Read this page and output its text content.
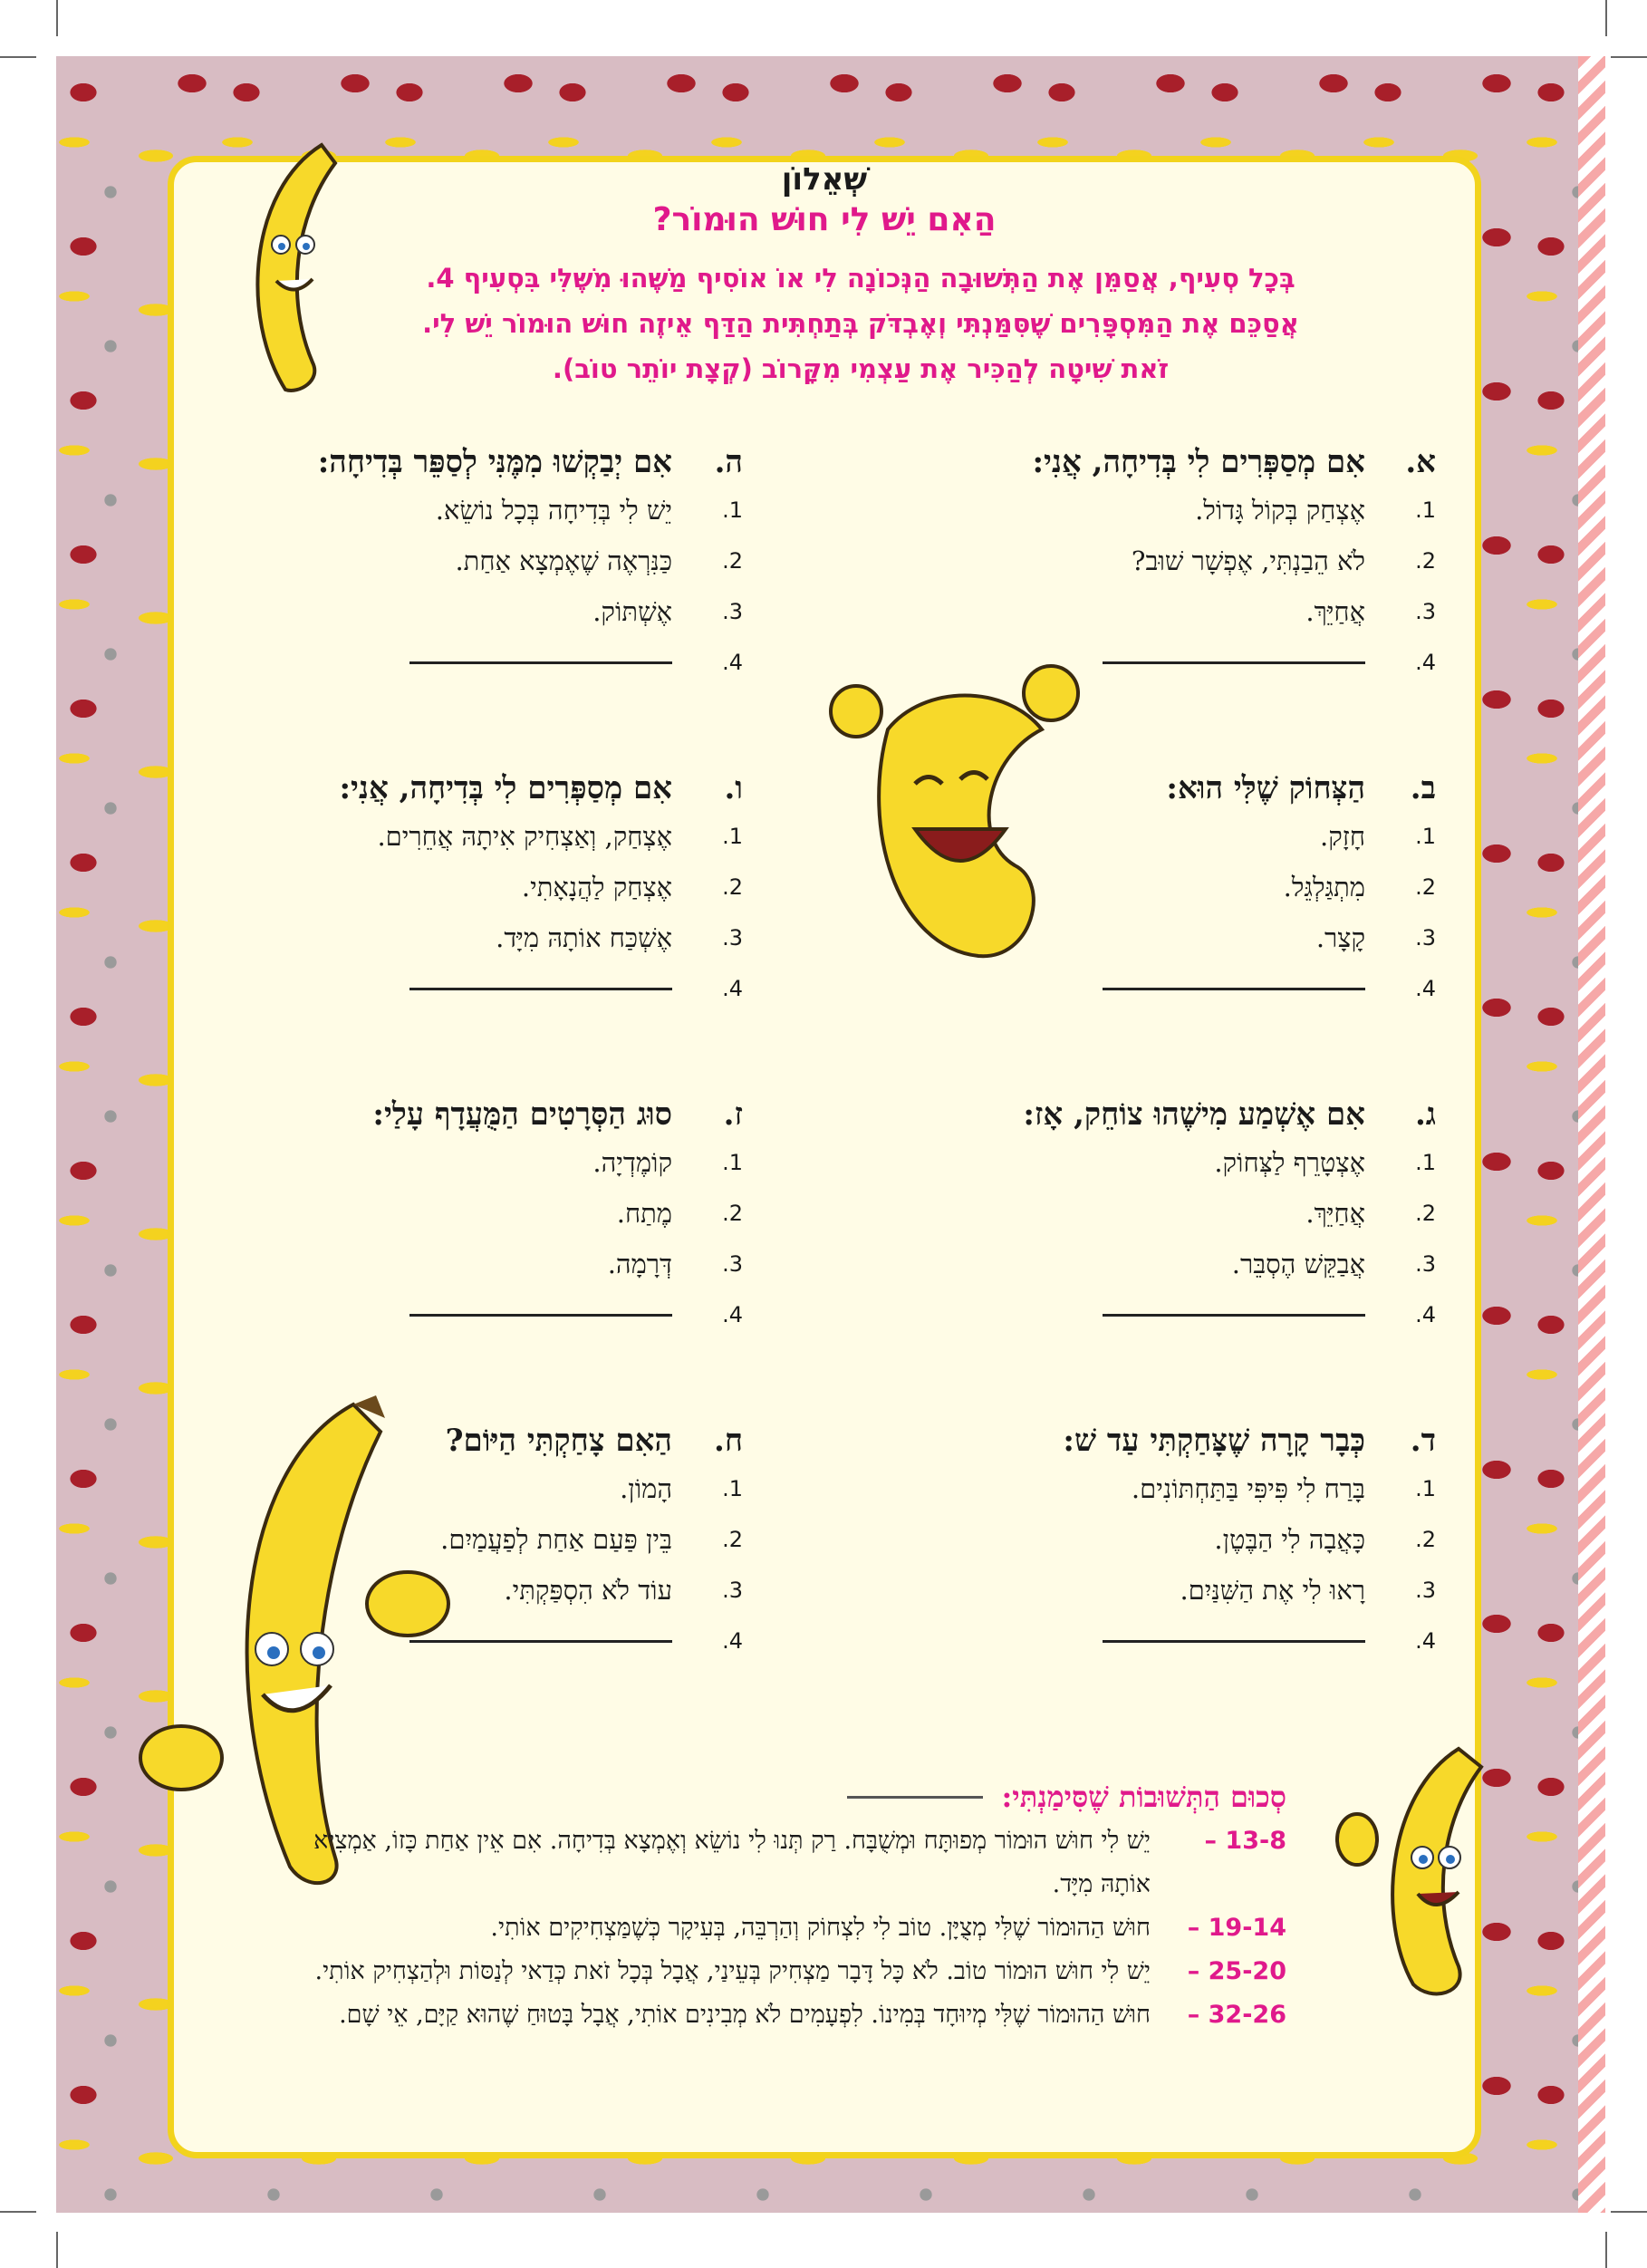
שְׁאֵלוֹן
הַאִם יֵשׁ לִי חוּשׁ הוּמוֹר?
בְּכָל סְעִיף, אֲסַמֵּן אֶת הַתְּשׁוּבָה הַנְּכוֹנָה לִי אוֹ אוֹסִיף מַשֶּׁהוּ מִשֶּׁלִּי בִּסְעִיף 4.
אֲסַכֵּם אֶת הַמִּסְפָּרִים שֶׁסִּמַּנְתִּי וְאֶבְדֹּק בְּתַחְתִּית הַדַּף אֵיזֶה חוּשׁ הוּמוֹר יֵשׁ לִי.
זֹאת שִׁיטָה לְהַכִּיר אֶת עַצְמִי מִקָּרוֹב (קְצָת יוֹתֵר טוֹב).
א.
אִם מְסַפְּרִים לִי בְּדִיחָה, אֲנִי:
1.
אֶצְחַק בְּקוֹל גָּדוֹל.
2.
לֹא הֵבַנְתִּי, אֶפְשָׁר שׁוּב?
3.
אֲחַיֵּךְ.
4.
ב.
הַצְּחוֹק שֶׁלִּי הוּא:
1.
חָזָק.
2.
מִתְגַּלְגֵּל.
3.
קָצָר.
4.
ג.
אִם אֶשְׁמַע מִישֶׁהוּ צוֹחֵק, אָז:
1.
אֶצְטָרֵף לַצְּחוֹק.
2.
אֲחַיֵּךְ.
3.
אֲבַקֵּשׁ הֶסְבֵּר.
4.
ד.
כְּבָר קָרָה שֶׁצָּחַקְתִּי עַד שׁ:
1.
בָּרַח לִי פִּיפִּי בַּתַּחְתּוֹנִים.
2.
כָּאֲבָה לִי הַבֶּטֶן.
3.
רָאוּ לִי אֶת הַשִּׁנַּיִם.
4.
ה.
אִם יְבַקְשׁוּ מִמֶּנִּי לְסַפֵּר בְּדִיחָה:
1.
יֵשׁ לִי בְּדִיחָה בְּכָל נוֹשֵׂא.
2.
כַּנִּרְאֶה שֶׁאֶמְצָא אַחַת.
3.
אֶשְׁתּוֹק.
4.
ו.
אִם מְסַפְּרִים לִי בְּדִיחָה, אֲנִי:
1.
אֶצְחַק, וְאַצְחִיק אִיתָהּ אֲחֵרִים.
2.
אֶצְחַק לַהֲנָאָתִי.
3.
אֶשְׁכַּח אוֹתָהּ מִיָּד.
4.
ז.
סוּג הַסְּרָטִים הַמֻּעֲדָף עָלַי:
1.
קוֹמֶדְיָה.
2.
מֶתַח.
3.
דְּרָמָה.
4.
ח.
הַאִם צָחַקְתִּי הַיּוֹם?
1.
הָמוֹן.
2.
בֵּין פַּעַם אַחַת לְפַעֲמַיִם.
3.
עוֹד לֹא הִסְפַּקְתִּי.
4.
סְכוּם הַתְּשׁוּבוֹת שֶׁסִּימַנְתִּי:
13-8 –
יֵשׁ לִי חוּשׁ הוּמוֹר מְפוּתָּח וּמְשֻׁבָּח. רַק תְּנוּ לִי נוֹשֵׂא וְאֶמְצָא בְּדִיחָה. אִם אֵין אַחַת כָּזוֹ, אַמְצִיא אוֹתָהּ מִיָּד.
19-14 –
חוּשׁ הַהוּמוֹר שֶׁלִּי מְצֻיָּן. טוֹב לִי לִצְחוֹק וְהַרְבֵּה, בְּעִיקָר כְּשֶׁמַּצְחִיקִים אוֹתִי.
25-20 –
יֵשׁ לִי חוּשׁ הוּמוֹר טוֹב. לֹא כָּל דָּבָר מַצְחִיק בְּעֵינַי, אֲבָל בְּכָל זֹאת כְּדַאי לְנַסּוֹת וּלְהַצְחִיק אוֹתִי.
32-26 –
חוּשׁ הַהוּמוֹר שֶׁלִּי מְיוּחָד בְּמִינוֹ. לִפְעָמִים לֹא מְבִינִים אוֹתִי, אֲבָל בָּטוּחַ שֶׁהוּא קַיָּם, אֵי שָׁם.
